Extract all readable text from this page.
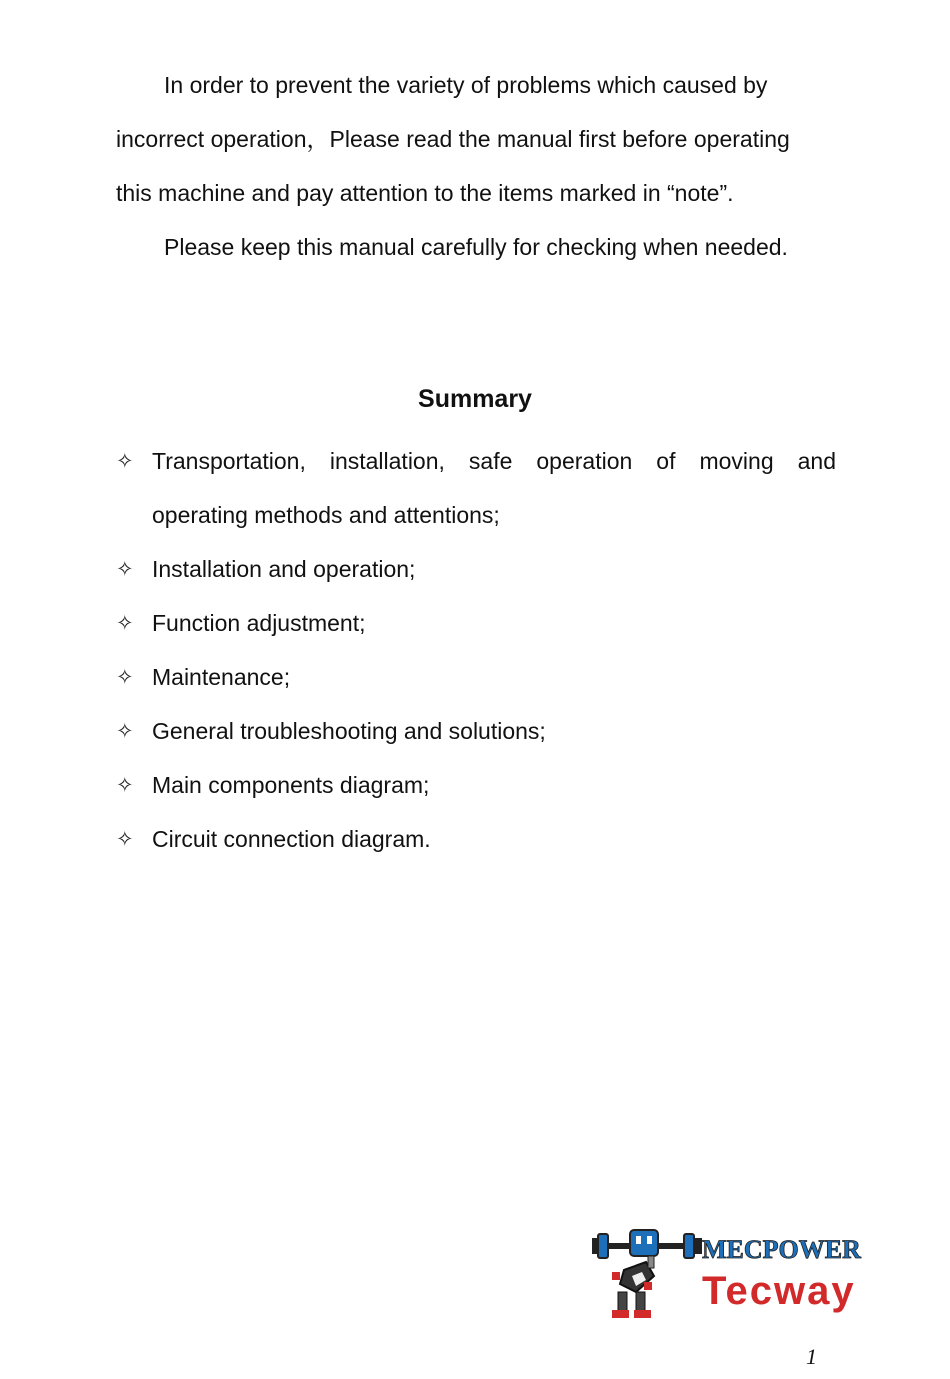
In order to prevent the variety of problems which caused by

incorrect operation，Please read the manual first before operating

this machine and pay attention to the items marked in “note”.

Please keep this manual carefully for checking when needed.

Summary
✧ Transportation, installation, safe operation of moving and
operating methods and attentions;
✧ Installation and operation;
✧ Function adjustment;
✧ Maintenance;
✧ General troubleshooting and solutions;
✧ Main components diagram;
✧ Circuit connection diagram.
MECPOWER
Tecway
1
